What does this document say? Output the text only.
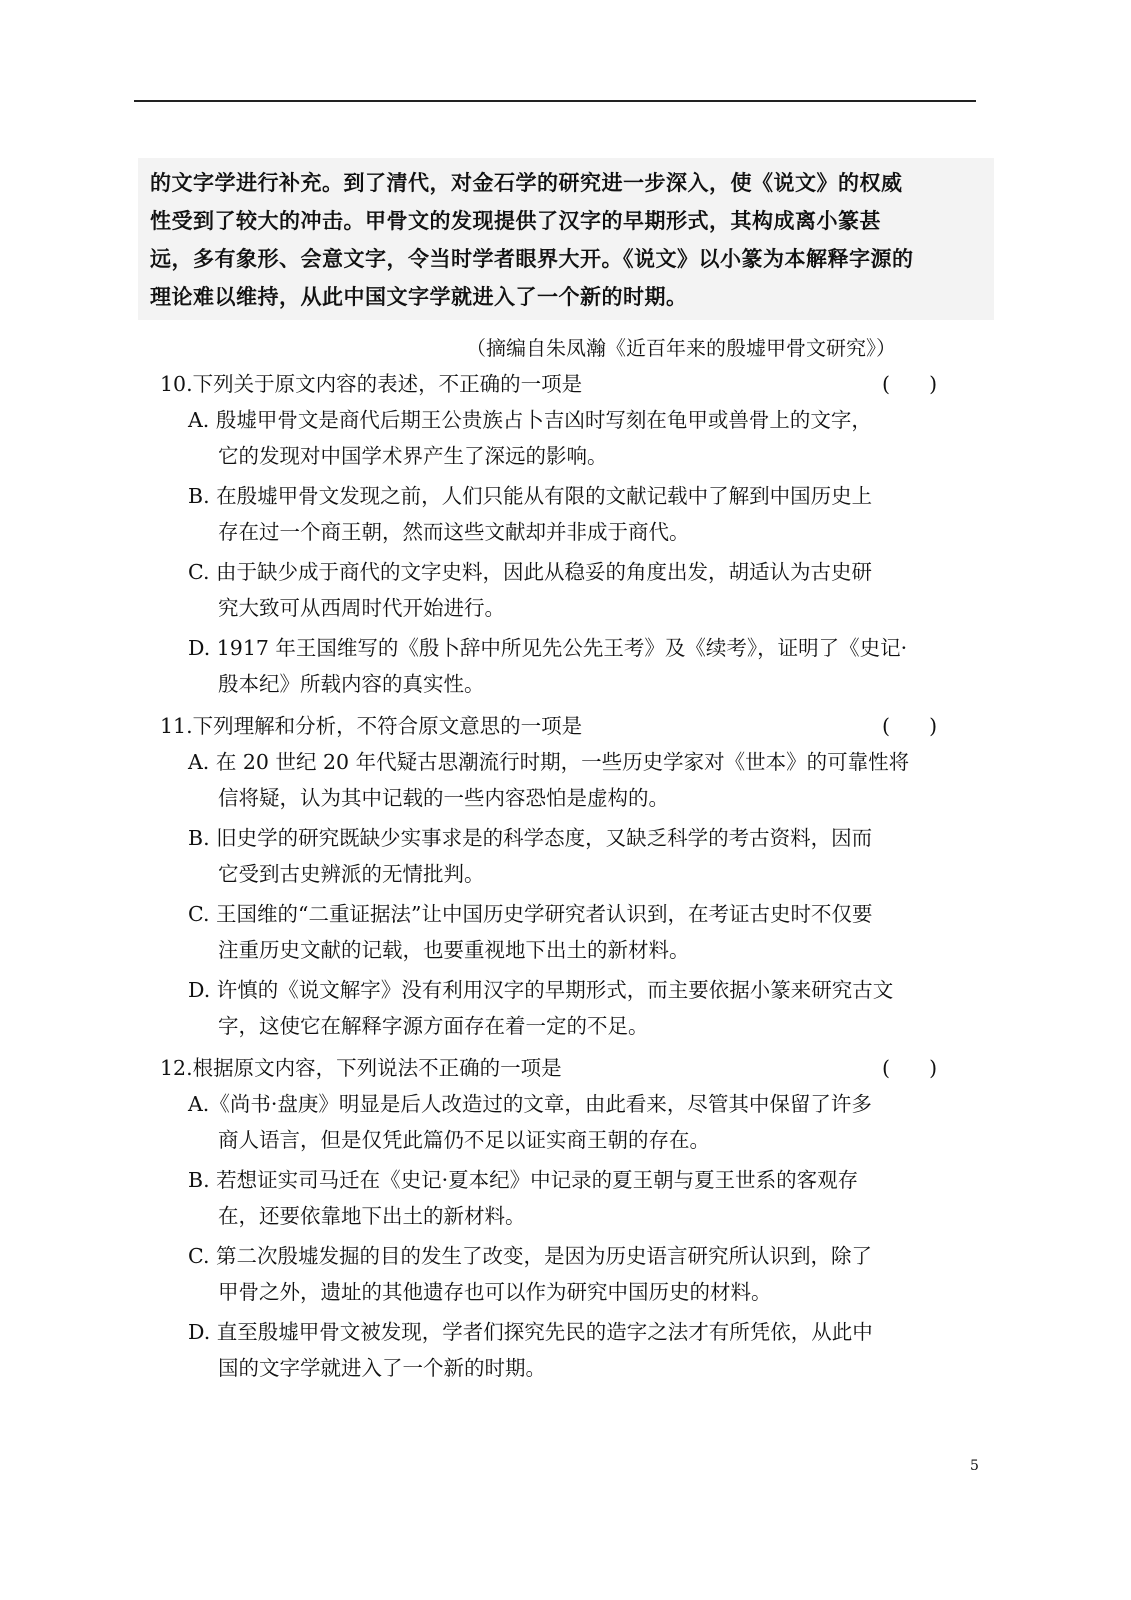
的文字学进行补充。到了清代，对金石学的研究进一步深入，使《说文》的权威
性受到了较大的冲击。甲骨文的发现提供了汉字的早期形式，其构成离小篆甚
远，多有象形、会意文字，令当时学者眼界大开。《说文》以小篆为本解释字源的
理论难以维持，从此中国文字学就进入了一个新的时期。
（摘编自朱凤瀚《近百年来的殷墟甲骨文研究》）
10.下列关于原文内容的表述，不正确的一项是	(      )
A. 殷墟甲骨文是商代后期王公贵族占卜吉凶时写刻在龟甲或兽骨上的文字，
它的发现对中国学术界产生了深远的影响。
B. 在殷墟甲骨文发现之前，人们只能从有限的文献记载中了解到中国历史上
存在过一个商王朝，然而这些文献却并非成于商代。
C. 由于缺少成于商代的文字史料，因此从稳妥的角度出发，胡适认为古史研
究大致可从西周时代开始进行。
D. 1917 年王国维写的《殷卜辞中所见先公先王考》及《续考》，证明了《史记·
殷本纪》所载内容的真实性。
11.下列理解和分析，不符合原文意思的一项是	(      )
A. 在 20 世纪 20 年代疑古思潮流行时期，一些历史学家对《世本》的可靠性将
信将疑，认为其中记载的一些内容恐怕是虚构的。
B. 旧史学的研究既缺少实事求是的科学态度，又缺乏科学的考古资料，因而
它受到古史辨派的无情批判。
C. 王国维的“二重证据法”让中国历史学研究者认识到，在考证古史时不仅要
注重历史文献的记载，也要重视地下出土的新材料。
D. 许慎的《说文解字》没有利用汉字的早期形式，而主要依据小篆来研究古文
字，这使它在解释字源方面存在着一定的不足。
12.根据原文内容，下列说法不正确的一项是	(      )
A.《尚书·盘庚》明显是后人改造过的文章，由此看来，尽管其中保留了许多
商人语言，但是仅凭此篇仍不足以证实商王朝的存在。
B. 若想证实司马迁在《史记·夏本纪》中记录的夏王朝与夏王世系的客观存
在，还要依靠地下出土的新材料。
C. 第二次殷墟发掘的目的发生了改变，是因为历史语言研究所认识到，除了
甲骨之外，遗址的其他遗存也可以作为研究中国历史的材料。
D. 直至殷墟甲骨文被发现，学者们探究先民的造字之法才有所凭依，从此中
国的文字学就进入了一个新的时期。
5
